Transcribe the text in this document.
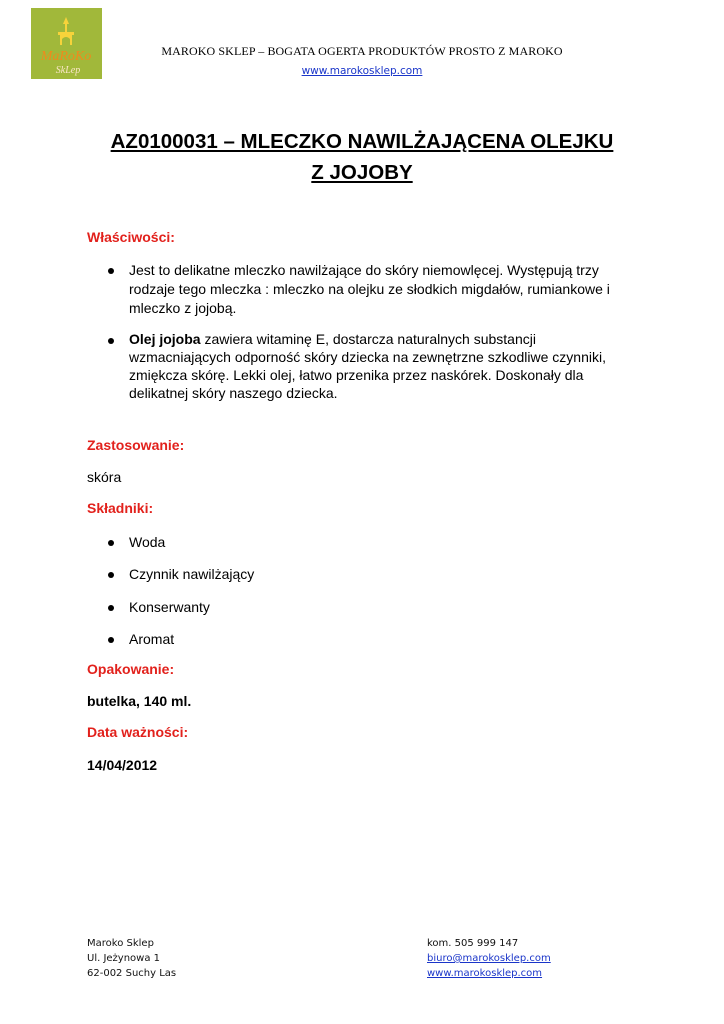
MaRoKo
SkLep
MAROKO SKLEP – BOGATA OGERTA PRODUKTÓW PROSTO Z MAROKO
www.marokosklep.com
AZ0100031 – MLECZKO NAWILŻAJĄCENA OLEJKU
Z JOJOBY
Właściwości:
Jest to delikatne mleczko nawilżające do skóry niemowlęcej. Występują trzy
rodzaje tego mleczka : mleczko na olejku ze słodkich migdałów, rumiankowe i
mleczko z jojobą.
Olej jojoba zawiera witaminę E, dostarcza naturalnych substancji
wzmacniających odporność skóry dziecka na zewnętrzne szkodliwe czynniki,
zmiękcza skórę. Lekki olej, łatwo przenika przez naskórek. Doskonały dla
delikatnej skóry naszego dziecka.
Zastosowanie:
skóra
Składniki:
Woda
Czynnik nawilżający
Konserwanty
Aromat
Opakowanie:
butelka, 140 ml.
Data ważności:
14/04/2012
Maroko Sklep
Ul. Jeżynowa 1
62-002 Suchy Las
kom. 505 999 147
biuro@marokosklep.com
www.marokosklep.com
